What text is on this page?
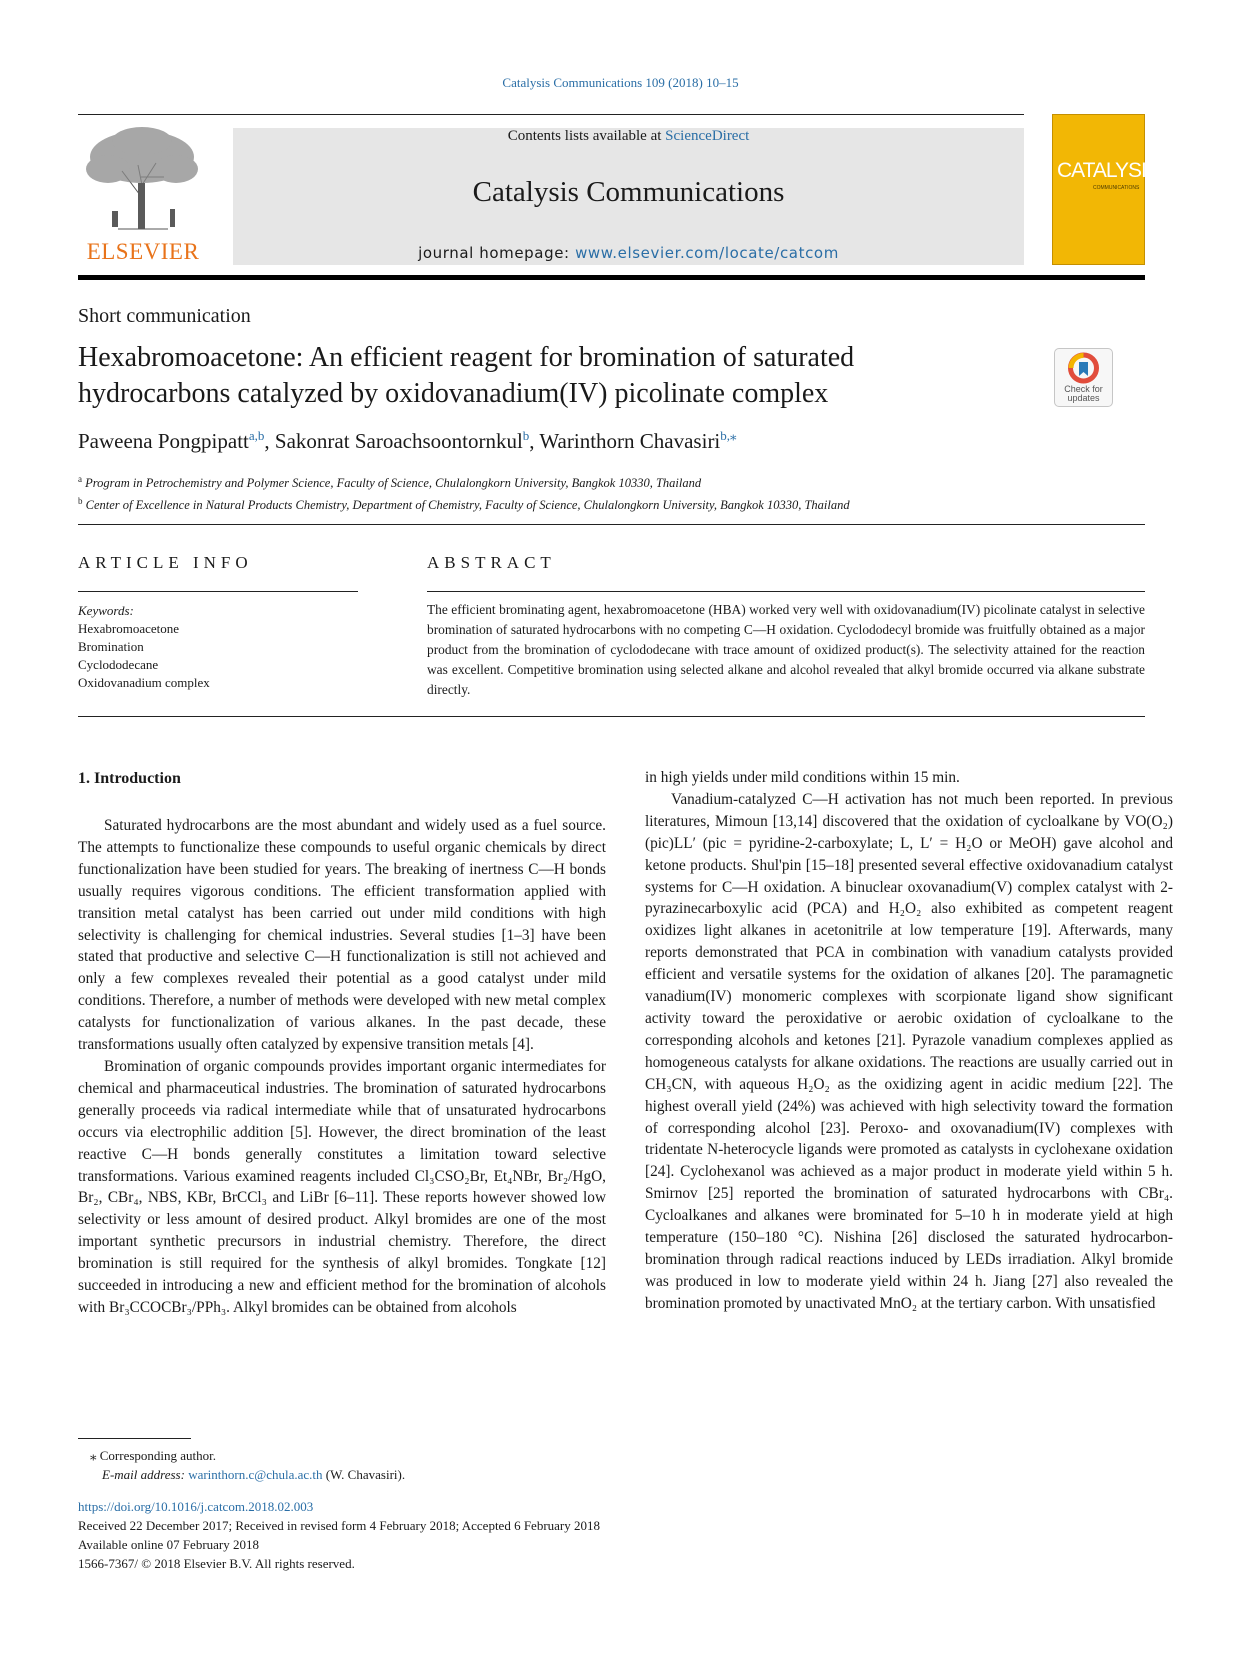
Catalysis Communications 109 (2018) 10–15
ELSEVIER
Contents lists available at ScienceDirect
Catalysis Communications
journal homepage: www.elsevier.com/locate/catcom
CATALYSIS
COMMUNICATIONS
Short communication
Hexabromoacetone: An efficient reagent for bromination of saturated hydrocarbons catalyzed by oxidovanadium(IV) picolinate complex	Check for updates
Paweena Pongpipatt$^{a,b}$, Sakonrat Saroachsoontornkul$^b$, Warinthorn Chavasiri$^{b,⁎}$
$^a$ Program in Petrochemistry and Polymer Science, Faculty of Science, Chulalongkorn University, Bangkok 10330, Thailand
$^b$ Center of Excellence in Natural Products Chemistry, Department of Chemistry, Faculty of Science, Chulalongkorn University, Bangkok 10330, Thailand
ARTICLE INFO
Keywords:
Hexabromoacetone
Bromination
Cyclododecane
Oxidovanadium complex
ABSTRACT
The efficient brominating agent, hexabromoacetone (HBA) worked very well with oxidovanadium(IV) picolinate catalyst in selective bromination of saturated hydrocarbons with no competing C—H oxidation. Cyclododecyl bromide was fruitfully obtained as a major product from the bromination of cyclododecane with trace amount of oxidized product(s). The selectivity attained for the reaction was excellent. Competitive bromination using selected alkane and alcohol revealed that alkyl bromide occurred via alkane substrate directly.
1. Introduction

Saturated hydrocarbons are the most abundant and widely used as a fuel source. The attempts to functionalize these compounds to useful organic chemicals by direct functionalization have been studied for years. The breaking of inertness C—H bonds usually requires vigorous conditions. The efficient transformation applied with transition metal catalyst has been carried out under mild conditions with high selectivity is challenging for chemical industries. Several studies [1–3] have been stated that productive and selective C—H functionalization is still not achieved and only a few complexes revealed their potential as a good catalyst under mild conditions. Therefore, a number of methods were developed with new metal complex catalysts for functionalization of various alkanes. In the past decade, these transformations usually often catalyzed by expensive transition metals [4].

Bromination of organic compounds provides important organic intermediates for chemical and pharmaceutical industries. The bromination of saturated hydrocarbons generally proceeds via radical intermediate while that of unsaturated hydrocarbons occurs via electrophilic addition [5]. However, the direct bromination of the least reactive C—H bonds generally constitutes a limitation toward selective transformations. Various examined reagents included Cl₃CSO₂Br, Et₄NBr, Br₂/HgO, Br₂, CBr₄, NBS, KBr, BrCCl₃ and LiBr [6–11]. These reports however showed low selectivity or less amount of desired product. Alkyl bromides are one of the most important synthetic precursors in industrial chemistry. Therefore, the direct bromination is still required for the synthesis of alkyl bromides. Tongkate [12] succeeded in introducing a new and efficient method for the bromination of alcohols with Br₃CCOCBr₃/PPh₃. Alkyl bromides can be obtained from alcohols

in high yields under mild conditions within 15 min.

Vanadium-catalyzed C—H activation has not much been reported. In previous literatures, Mimoun [13,14] discovered that the oxidation of cycloalkane by VO(O₂)(pic)LL′ (pic = pyridine-2-carboxylate; L, L′ = H₂O or MeOH) gave alcohol and ketone products. Shul'pin [15–18] presented several effective oxidovanadium catalyst systems for C—H oxidation. A binuclear oxovanadium(V) complex catalyst with 2-pyrazinecarboxylic acid (PCA) and H₂O₂ also exhibited as competent reagent oxidizes light alkanes in acetonitrile at low temperature [19]. Afterwards, many reports demonstrated that PCA in combination with vanadium catalysts provided efficient and versatile systems for the oxidation of alkanes [20]. The paramagnetic vanadium(IV) monomeric complexes with scorpionate ligand show significant activity toward the peroxidative or aerobic oxidation of cycloalkane to the corresponding alcohols and ketones [21]. Pyrazole vanadium complexes applied as homogeneous catalysts for alkane oxidations. The reactions are usually carried out in CH₃CN, with aqueous H₂O₂ as the oxidizing agent in acidic medium [22]. The highest overall yield (24%) was achieved with high selectivity toward the formation of corresponding alcohol [23]. Peroxo- and oxovanadium(IV) complexes with tridentate N-heterocycle ligands were promoted as catalysts in cyclohexane oxidation [24]. Cyclohexanol was achieved as a major product in moderate yield within 5 h. Smirnov [25] reported the bromination of saturated hydrocarbons with CBr₄. Cycloalkanes and alkanes were brominated for 5–10 h in moderate yield at high temperature (150–180 °C). Nishina [26] disclosed the saturated hydrocarbon-bromination through radical reactions induced by LEDs irradiation. Alkyl bromide was produced in low to moderate yield within 24 h. Jiang [27] also revealed the bromination promoted by unactivated MnO₂ at the tertiary carbon. With unsatisfied

⁎ Corresponding author.
E-mail address: warinthorn.c@chula.ac.th (W. Chavasiri).
https://doi.org/10.1016/j.catcom.2018.02.003
Received 22 December 2017; Received in revised form 4 February 2018; Accepted 6 February 2018
Available online 07 February 2018
1566-7367/ © 2018 Elsevier B.V. All rights reserved.
